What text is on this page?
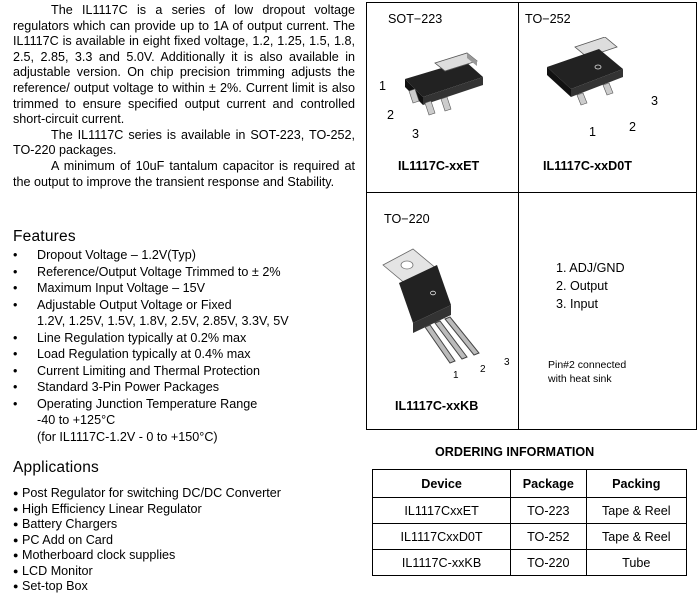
The IL1117C is a series of low dropout voltage regulators which can provide up to 1A of output current. The IL1117C is available in eight fixed voltage, 1.2, 1.25, 1.5, 1.8, 2.5, 2.85, 3.3 and 5.0V. Additionally it is also available in adjustable version. On chip precision trimming adjusts the reference/ output voltage to within ± 2%. Current limit is also trimmed to ensure specified output current and controlled short-circuit current.

The IL1117C series is available in SOT-223, TO-252, TO-220 packages.

A minimum of 10uF tantalum capacitor is required at the output to improve the transient response and Stability.

Features
• Dropout Voltage – 1.2V(Typ)
• Reference/Output Voltage Trimmed to ± 2%
• Maximum Input Voltage – 15V
• Adjustable Output Voltage or Fixed
1.2V, 1.25V, 1.5V, 1.8V, 2.5V, 2.85V, 3.3V, 5V
• Line Regulation typically at 0.2% max
• Load Regulation typically at 0.4% max
• Current Limiting and Thermal Protection
• Standard 3-Pin Power Packages
• Operating Junction Temperature Range
-40 to +125°C
(for IL1117C-1.2V - 0 to +150°C)
Applications
● Post Regulator for switching DC/DC Converter
● High Efficiency Linear Regulator
● Battery Chargers
● PC Add on Card
● Motherboard clock supplies
● LCD Monitor
● Set-top Box
SOT−223
1
2
3
IL1117C-xxET
TO−252
1	2
3
IL1117C-xxD0T
TO−220
1
2
3
IL1117C-xxKB
1. ADJ/GND
2. Output
3. Input
Pin#2 connected
with heat sink
ORDERING INFORMATION
Device	Package	Packing
IL1117CxxET	TO-223	Tape & Reel
IL1117CxxD0T	TO-252	Tape & Reel
IL1117C-xxKB	TO-220	Tube
